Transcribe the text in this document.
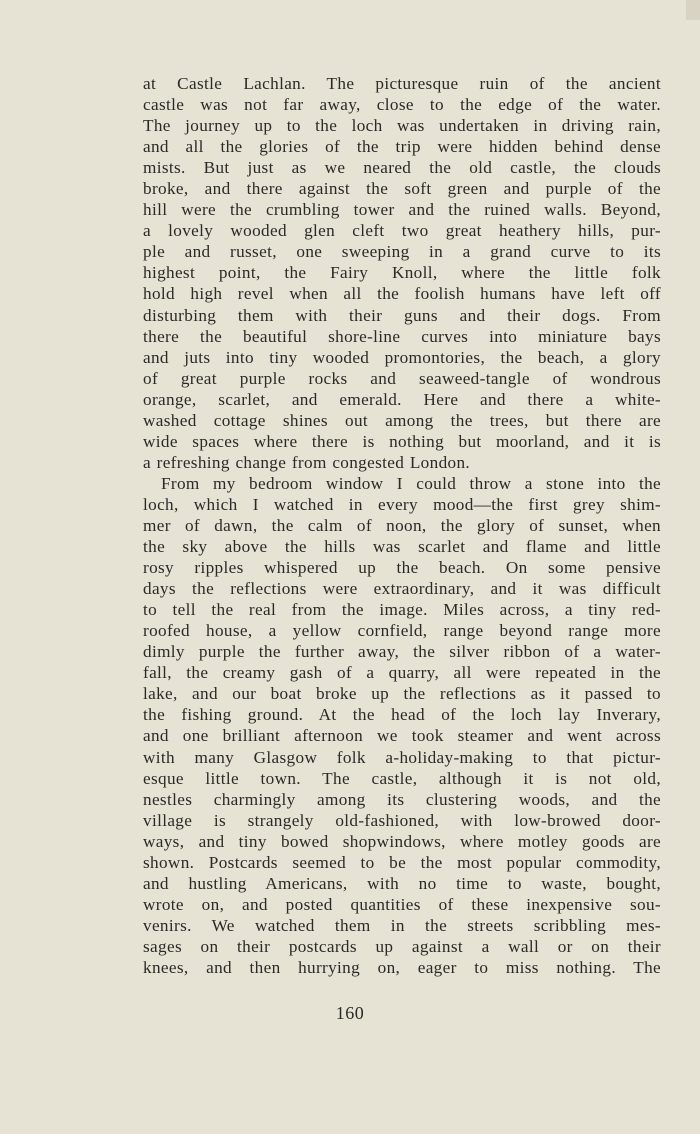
at Castle Lachlan. The picturesque ruin of the ancient
castle was not far away, close to the edge of the water.
The journey up to the loch was undertaken in driving rain,
and all the glories of the trip were hidden behind dense
mists. But just as we neared the old castle, the clouds
broke, and there against the soft green and purple of the
hill were the crumbling tower and the ruined walls. Beyond,
a lovely wooded glen cleft two great heathery hills, pur-
ple and russet, one sweeping in a grand curve to its
highest point, the Fairy Knoll, where the little folk
hold high revel when all the foolish humans have left off
disturbing them with their guns and their dogs. From
there the beautiful shore-line curves into miniature bays
and juts into tiny wooded promontories, the beach, a glory
of great purple rocks and seaweed-tangle of wondrous
orange, scarlet, and emerald. Here and there a white-
washed cottage shines out among the trees, but there are
wide spaces where there is nothing but moorland, and it is
a refreshing change from congested London.
From my bedroom window I could throw a stone into the
loch, which I watched in every mood—the first grey shim-
mer of dawn, the calm of noon, the glory of sunset, when
the sky above the hills was scarlet and flame and little
rosy ripples whispered up the beach. On some pensive
days the reflections were extraordinary, and it was difficult
to tell the real from the image. Miles across, a tiny red-
roofed house, a yellow cornfield, range beyond range more
dimly purple the further away, the silver ribbon of a water-
fall, the creamy gash of a quarry, all were repeated in the
lake, and our boat broke up the reflections as it passed to
the fishing ground. At the head of the loch lay Inverary,
and one brilliant afternoon we took steamer and went across
with many Glasgow folk a-holiday-making to that pictur-
esque little town. The castle, although it is not old,
nestles charmingly among its clustering woods, and the
village is strangely old-fashioned, with low-browed door-
ways, and tiny bowed shopwindows, where motley goods are
shown. Postcards seemed to be the most popular commodity,
and hustling Americans, with no time to waste, bought,
wrote on, and posted quantities of these inexpensive sou-
venirs. We watched them in the streets scribbling mes-
sages on their postcards up against a wall or on their
knees, and then hurrying on, eager to miss nothing. The
160
